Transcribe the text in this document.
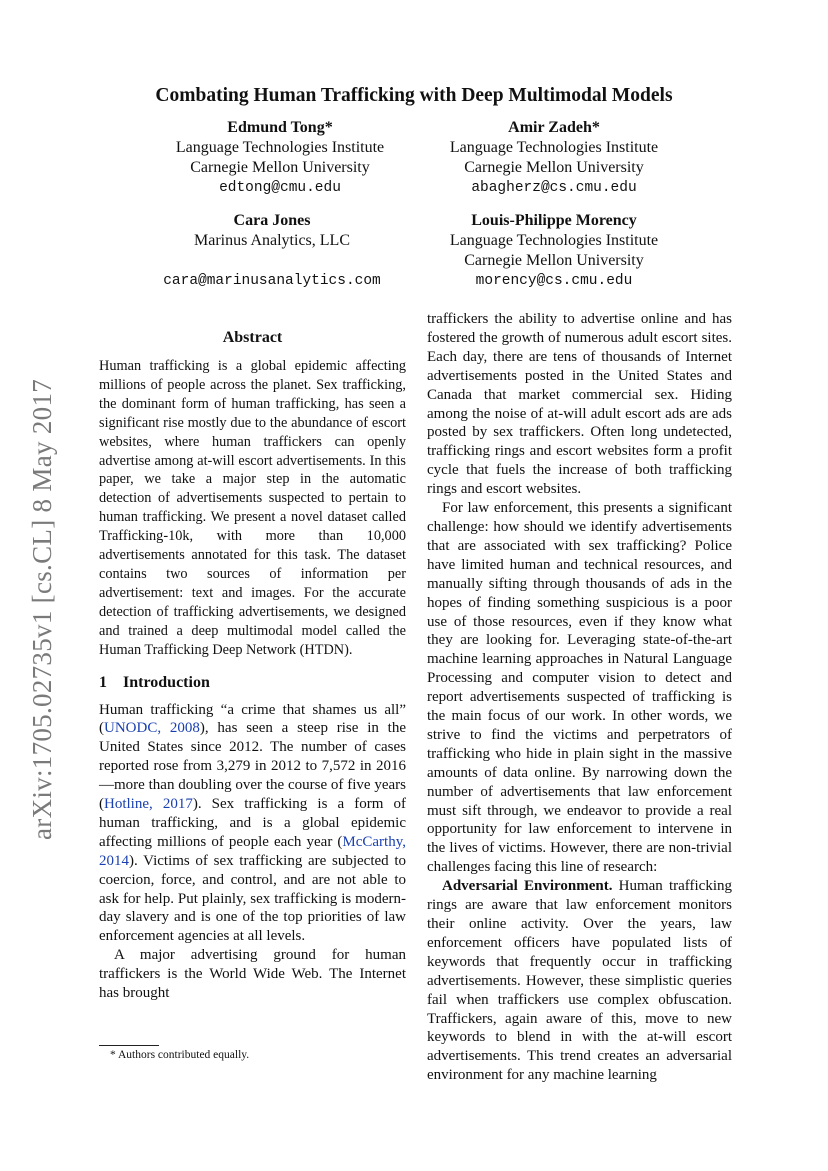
arXiv:1705.02735v1 [cs.CL] 8 May 2017
Combating Human Trafficking with Deep Multimodal Models
Edmund Tong*
Language Technologies Institute
Carnegie Mellon University
edtong@cmu.edu
Amir Zadeh*
Language Technologies Institute
Carnegie Mellon University
abagherz@cs.cmu.edu
Cara Jones
Marinus Analytics, LLC
cara@marinusanalytics.com
Louis-Philippe Morency
Language Technologies Institute
Carnegie Mellon University
morency@cs.cmu.edu
Abstract

Human trafficking is a global epidemic affecting millions of people across the planet. Sex trafficking, the dominant form of human trafficking, has seen a significant rise mostly due to the abundance of escort websites, where human traffickers can openly advertise among at-will escort advertisements. In this paper, we take a major step in the automatic detection of advertisements suspected to pertain to human trafficking. We present a novel dataset called Trafficking-10k, with more than 10,000 advertisements annotated for this task. The dataset contains two sources of information per advertisement: text and images. For the accurate detection of trafficking advertisements, we designed and trained a deep multimodal model called the Human Trafficking Deep Network (HTDN).

1 Introduction

Human trafficking “a crime that shames us all” (UNODC, 2008), has seen a steep rise in the United States since 2012. The number of cases reported rose from 3,279 in 2012 to 7,572 in 2016—more than doubling over the course of five years (Hotline, 2017). Sex trafficking is a form of human trafficking, and is a global epidemic affecting millions of people each year (McCarthy, 2014). Victims of sex trafficking are subjected to coercion, force, and control, and are not able to ask for help. Put plainly, sex trafficking is modern-day slavery and is one of the top priorities of law enforcement agencies at all levels.

A major advertising ground for human traffickers is the World Wide Web. The Internet has brought

traffickers the ability to advertise online and has fostered the growth of numerous adult escort sites. Each day, there are tens of thousands of Internet advertisements posted in the United States and Canada that market commercial sex. Hiding among the noise of at-will adult escort ads are ads posted by sex traffickers. Often long undetected, trafficking rings and escort websites form a profit cycle that fuels the increase of both trafficking rings and escort websites.

For law enforcement, this presents a significant challenge: how should we identify advertisements that are associated with sex trafficking? Police have limited human and technical resources, and manually sifting through thousands of ads in the hopes of finding something suspicious is a poor use of those resources, even if they know what they are looking for. Leveraging state-of-the-art machine learning approaches in Natural Language Processing and computer vision to detect and report advertisements suspected of trafficking is the main focus of our work. In other words, we strive to find the victims and perpetrators of trafficking who hide in plain sight in the massive amounts of data online. By narrowing down the number of advertisements that law enforcement must sift through, we endeavor to provide a real opportunity for law enforcement to intervene in the lives of victims. However, there are non-trivial challenges facing this line of research:

Adversarial Environment. Human trafficking rings are aware that law enforcement monitors their online activity. Over the years, law enforcement officers have populated lists of keywords that frequently occur in trafficking advertisements. However, these simplistic queries fail when traffickers use complex obfuscation. Traffickers, again aware of this, move to new keywords to blend in with the at-will escort advertisements. This trend creates an adversarial environment for any machine learning

* Authors contributed equally.
